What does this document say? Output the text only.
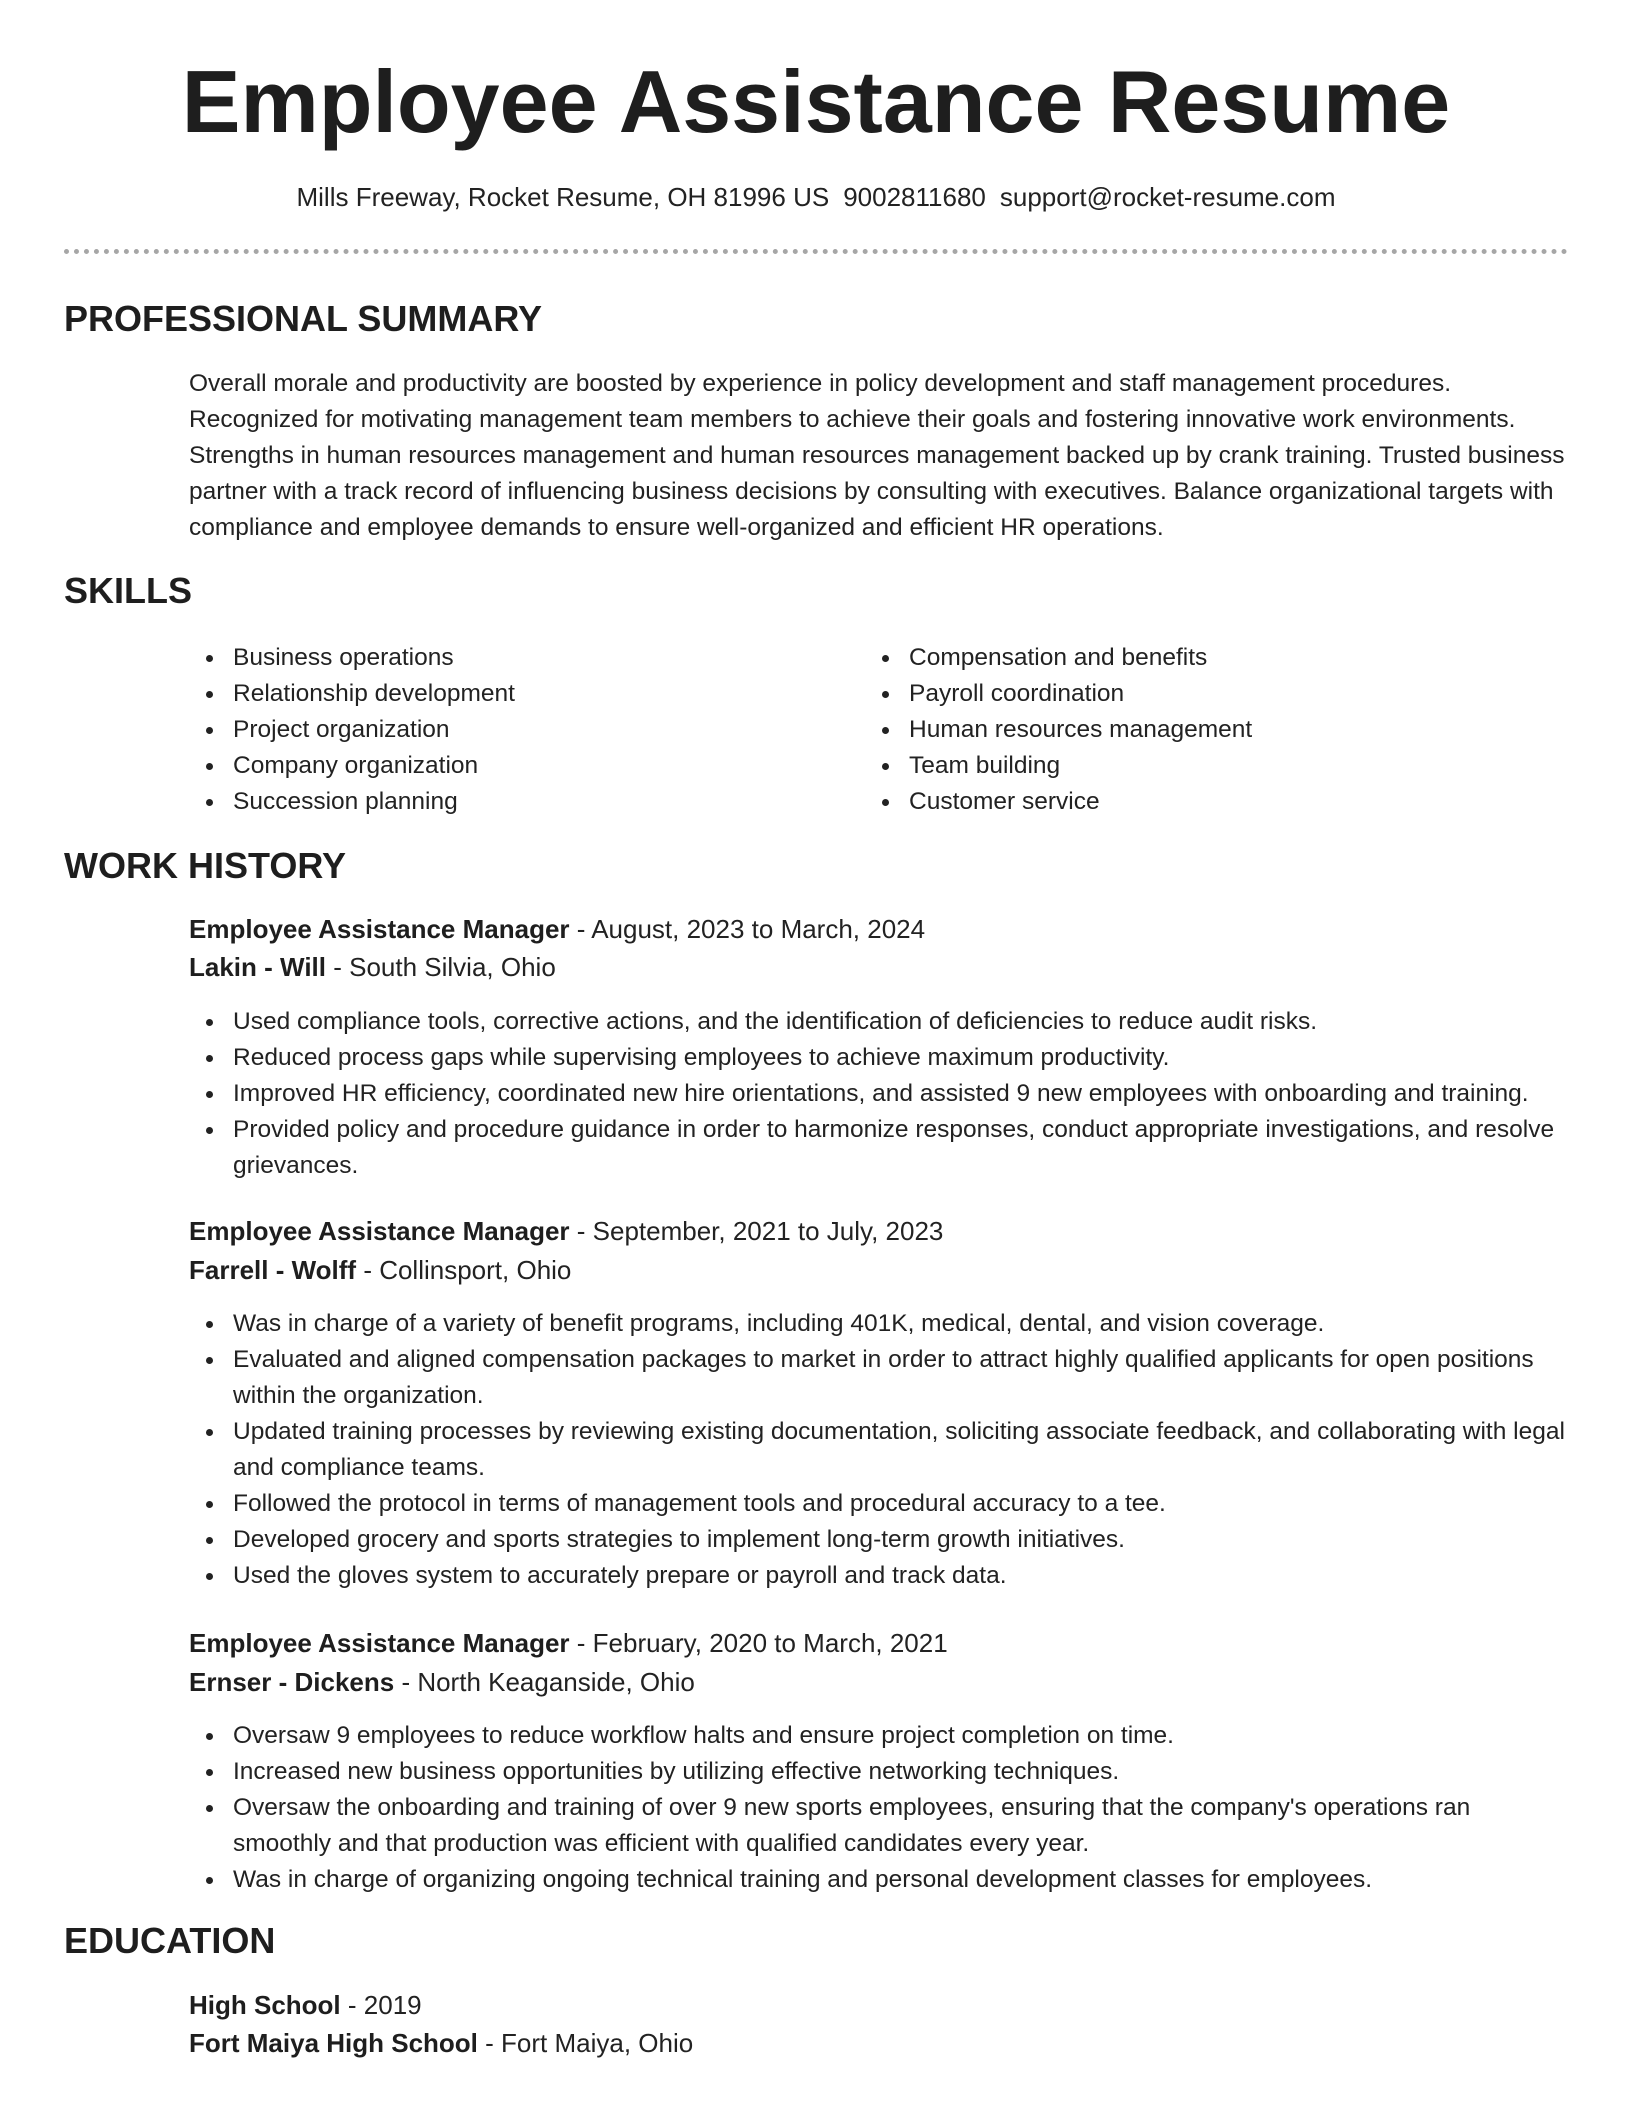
Employee Assistance Resume
Mills Freeway, Rocket Resume, OH 81996 US 9002811680 support@rocket-resume.com
PROFESSIONAL SUMMARY

Overall morale and productivity are boosted by experience in policy development and staff management procedures. Recognized for motivating management team members to achieve their goals and fostering innovative work environments. Strengths in human resources management and human resources management backed up by crank training. Trusted business partner with a track record of influencing business decisions by consulting with executives. Balance organizational targets with compliance and employee demands to ensure well-organized and efficient HR operations.

SKILLS
Business operations
Relationship development
Project organization
Company organization
Succession planning
Compensation and benefits
Payroll coordination
Human resources management
Team building
Customer service
WORK HISTORY
Employee Assistance Manager - August, 2023 to March, 2024
Lakin - Will - South Silvia, Ohio
Used compliance tools, corrective actions, and the identification of deficiencies to reduce audit risks.
Reduced process gaps while supervising employees to achieve maximum productivity.
Improved HR efficiency, coordinated new hire orientations, and assisted 9 new employees with onboarding and training.
Provided policy and procedure guidance in order to harmonize responses, conduct appropriate investigations, and resolve grievances.
Employee Assistance Manager - September, 2021 to July, 2023
Farrell - Wolff - Collinsport, Ohio
Was in charge of a variety of benefit programs, including 401K, medical, dental, and vision coverage.
Evaluated and aligned compensation packages to market in order to attract highly qualified applicants for open positions within the organization.
Updated training processes by reviewing existing documentation, soliciting associate feedback, and collaborating with legal and compliance teams.
Followed the protocol in terms of management tools and procedural accuracy to a tee.
Developed grocery and sports strategies to implement long-term growth initiatives.
Used the gloves system to accurately prepare or payroll and track data.
Employee Assistance Manager - February, 2020 to March, 2021
Ernser - Dickens - North Keaganside, Ohio
Oversaw 9 employees to reduce workflow halts and ensure project completion on time.
Increased new business opportunities by utilizing effective networking techniques.
Oversaw the onboarding and training of over 9 new sports employees, ensuring that the company's operations ran smoothly and that production was efficient with qualified candidates every year.
Was in charge of organizing ongoing technical training and personal development classes for employees.
EDUCATION
High School - 2019
Fort Maiya High School - Fort Maiya, Ohio
